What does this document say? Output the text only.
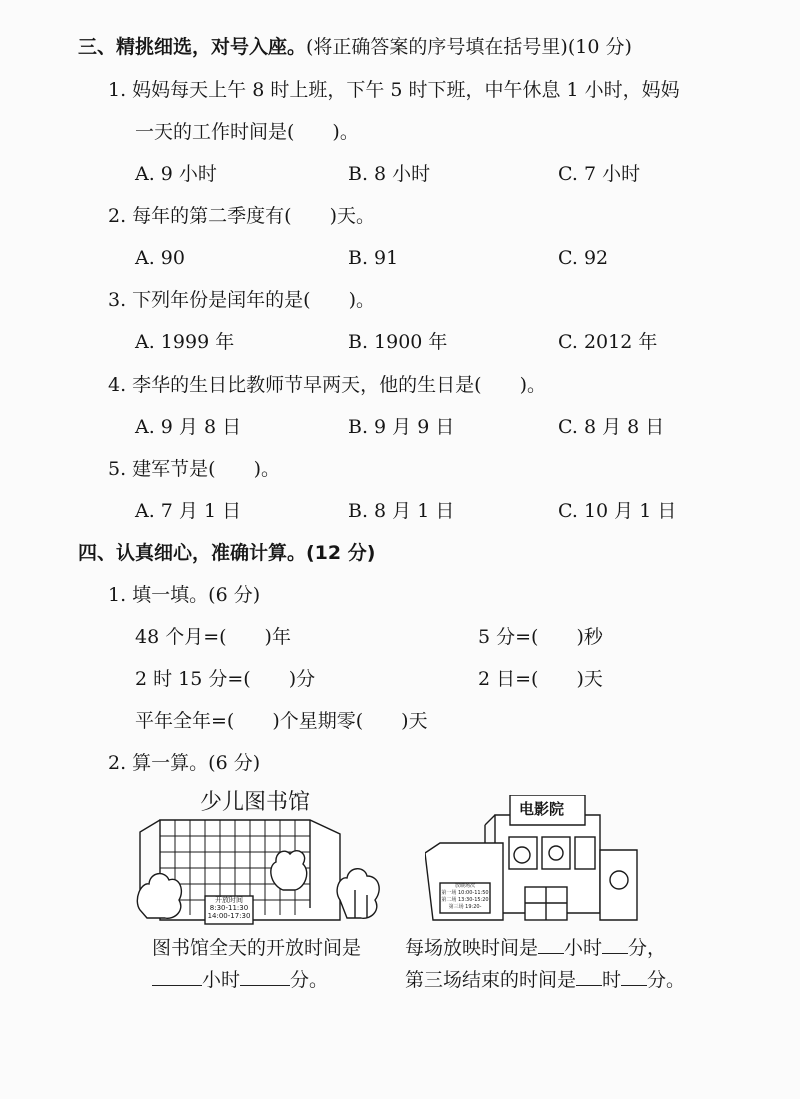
三、精挑细选，对号入座。(将正确答案的序号填在括号里)(10 分)
1. 妈妈每天上午 8 时上班，下午 5 时下班，中午休息 1 小时，妈妈
一天的工作时间是(　　)。
A. 9 小时	B. 8 小时	C. 7 小时
2. 每年的第二季度有(　　)天。
A. 90	B. 91	C. 92
3. 下列年份是闰年的是(　　)。
A. 1999 年	B. 1900 年	C. 2012 年
4. 李华的生日比教师节早两天，他的生日是(　　)。
A. 9 月 8 日	B. 9 月 9 日	C. 8 月 8 日
5. 建军节是(　　)。
A. 7 月 1 日	B. 8 月 1 日	C. 10 月 1 日
四、认真细心，准确计算。(12 分)
1. 填一填。(6 分)
48 个月=(　　)年	5 分=(　　)秒
2 时 15 分=(　　)分	2 日=(　　)天
平年全年=(　　)个星期零(　　)天
2. 算一算。(6 分)
少儿图书馆
开放时间
8:30-11:30
14:00-17:30
电影院
放映场次
第一场 10:00-11:50
第二场 13:30-15:20
第三场 19:20-
图书馆全天的开放时间是
小时	分。
每场放映时间是 小时 分，
第三场结束的时间是 时 分。
